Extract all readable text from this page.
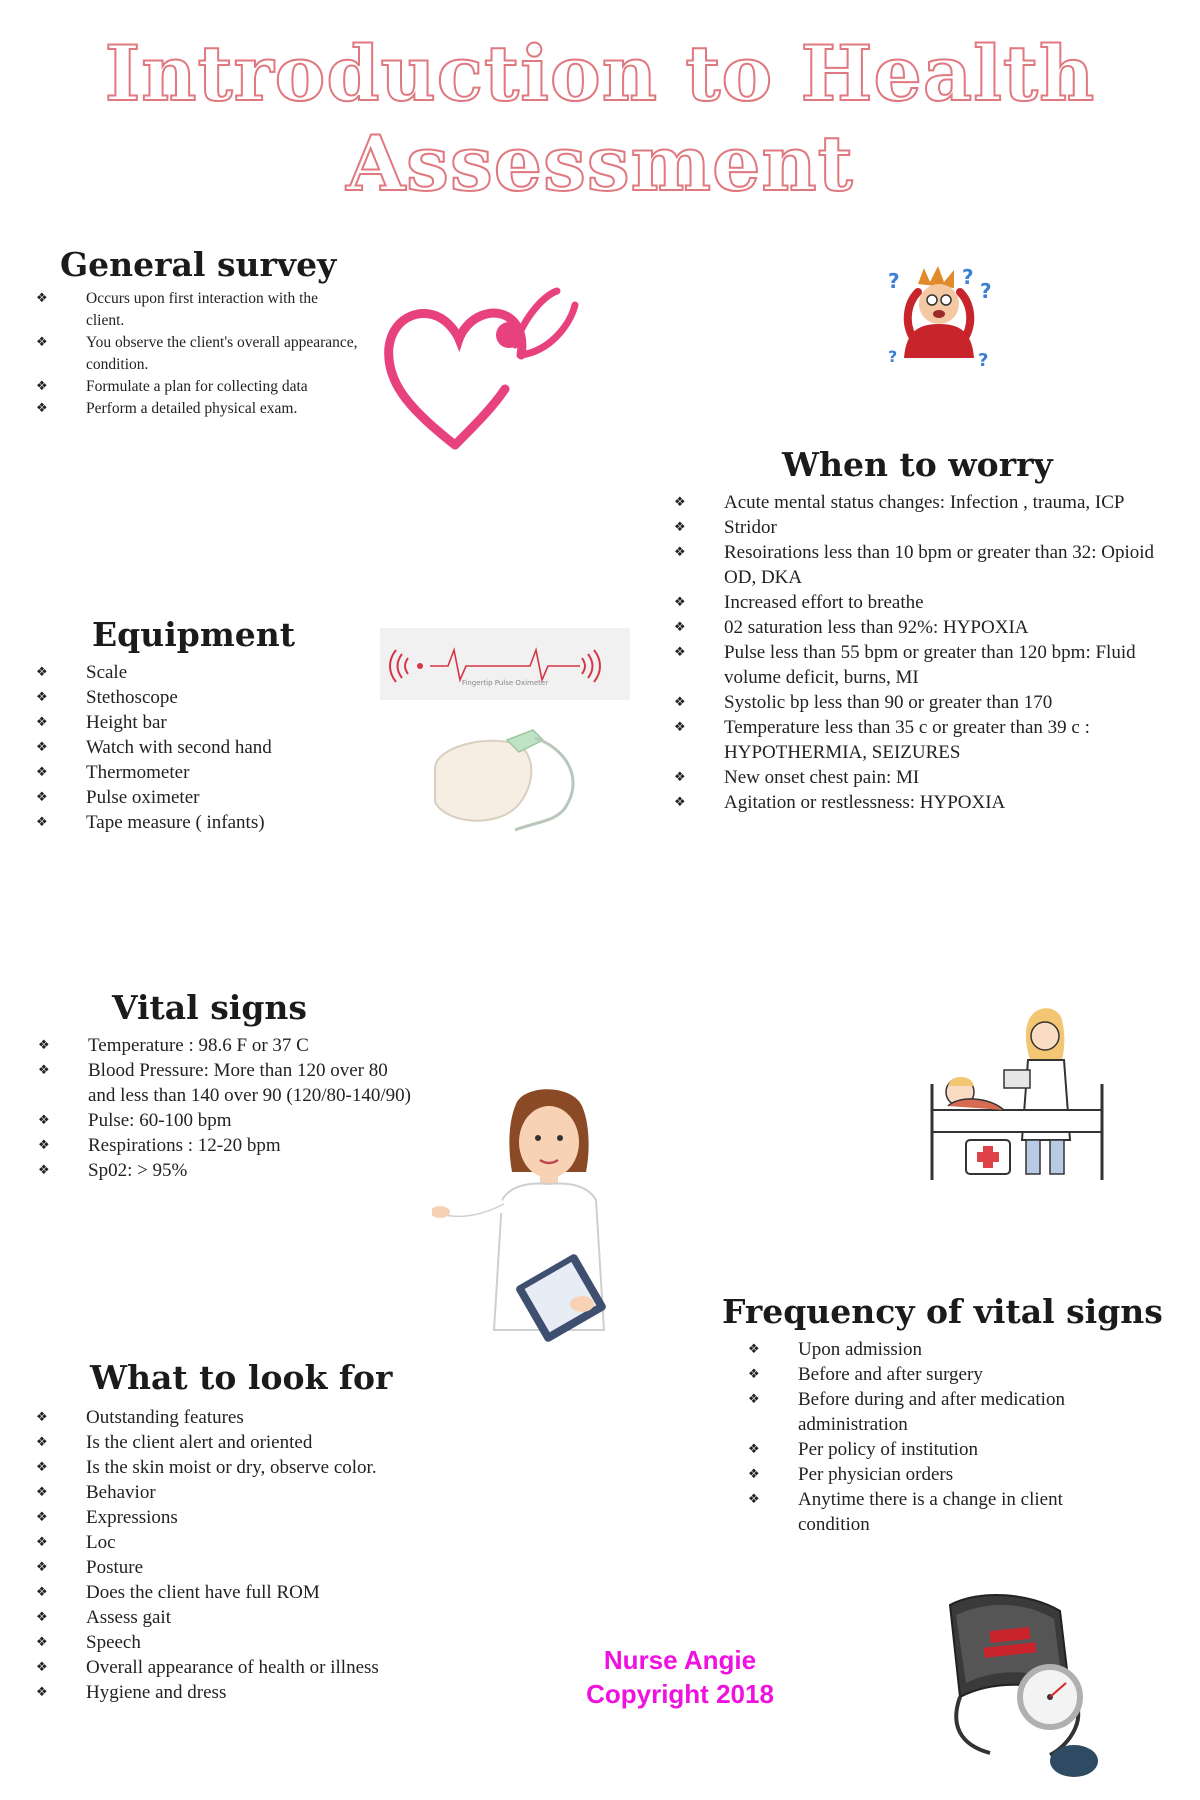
Introduction to Health
Assessment
General survey
❖ Occurs upon first interaction with the client.
❖ You observe the client's overall appearance, condition.
❖ Formulate a plan for collecting data
❖ Perform a detailed physical exam.
?	?
?
?	?
When to worry
❖ Acute mental status changes: Infection , trauma, ICP
❖ Stridor
❖ Resoirations less than 10 bpm or greater than 32: Opioid OD, DKA
❖ Increased effort to breathe
❖ 02 saturation less than 92%: HYPOXIA
❖ Pulse less than 55 bpm or greater than 120 bpm: Fluid volume deficit, burns, MI
❖ Systolic bp less than 90 or greater than 170
❖ Temperature less than 35 c or greater than 39 c : HYPOTHERMIA, SEIZURES
❖ New onset chest pain: MI
❖ Agitation or restlessness: HYPOXIA
Equipment
❖ Scale
❖ Stethoscope
❖ Height bar
❖ Watch with second hand
❖ Thermometer
❖ Pulse oximeter
❖ Tape measure ( infants)
Fingertip Pulse Oximeter
Vital signs
❖ Temperature : 98.6 F or 37 C
❖ Blood Pressure: More than 120 over 80 and less than 140 over 90 (120/80-140/90)
❖ Pulse: 60-100 bpm
❖ Respirations : 12-20 bpm
❖ Sp02: > 95%
Frequency of vital signs
❖ Upon admission
❖ Before and after surgery
❖ Before during and after medication administration
❖ Per policy of institution
❖ Per physician orders
❖ Anytime there is a change in client condition
What to look for
❖ Outstanding features
❖ Is the client alert and oriented
❖ Is the skin moist or dry, observe color.
❖ Behavior
❖ Expressions
❖ Loc
❖ Posture
❖ Does the client have full ROM
❖ Assess gait
❖ Speech
❖ Overall appearance of health or illness
❖ Hygiene and dress
Nurse Angie
Copyright 2018
